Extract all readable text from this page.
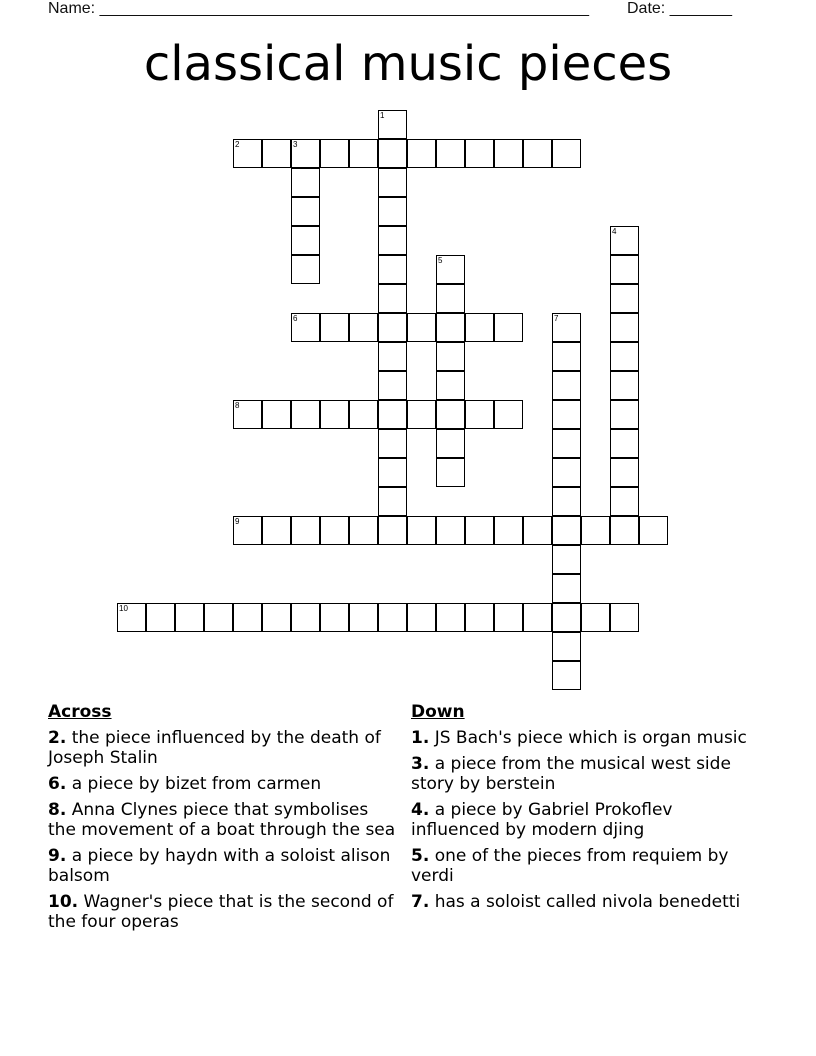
Name: _______________________________________________________ Date: _______
classical music pieces
1
2	3
4
5
6	7
8
9
10
Across
2. the piece influenced by the death of Joseph Stalin
6. a piece by bizet from carmen
8. Anna Clynes piece that symbolises the movement of a boat through the sea
9. a piece by haydn with a soloist alison balsom
10. Wagner's piece that is the second of the four operas
Down
1. JS Bach's piece which is organ music
3. a piece from the musical west side story by berstein
4. a piece by Gabriel Prokoflev influenced by modern djing
5. one of the pieces from requiem by verdi
7. has a soloist called nivola benedetti
